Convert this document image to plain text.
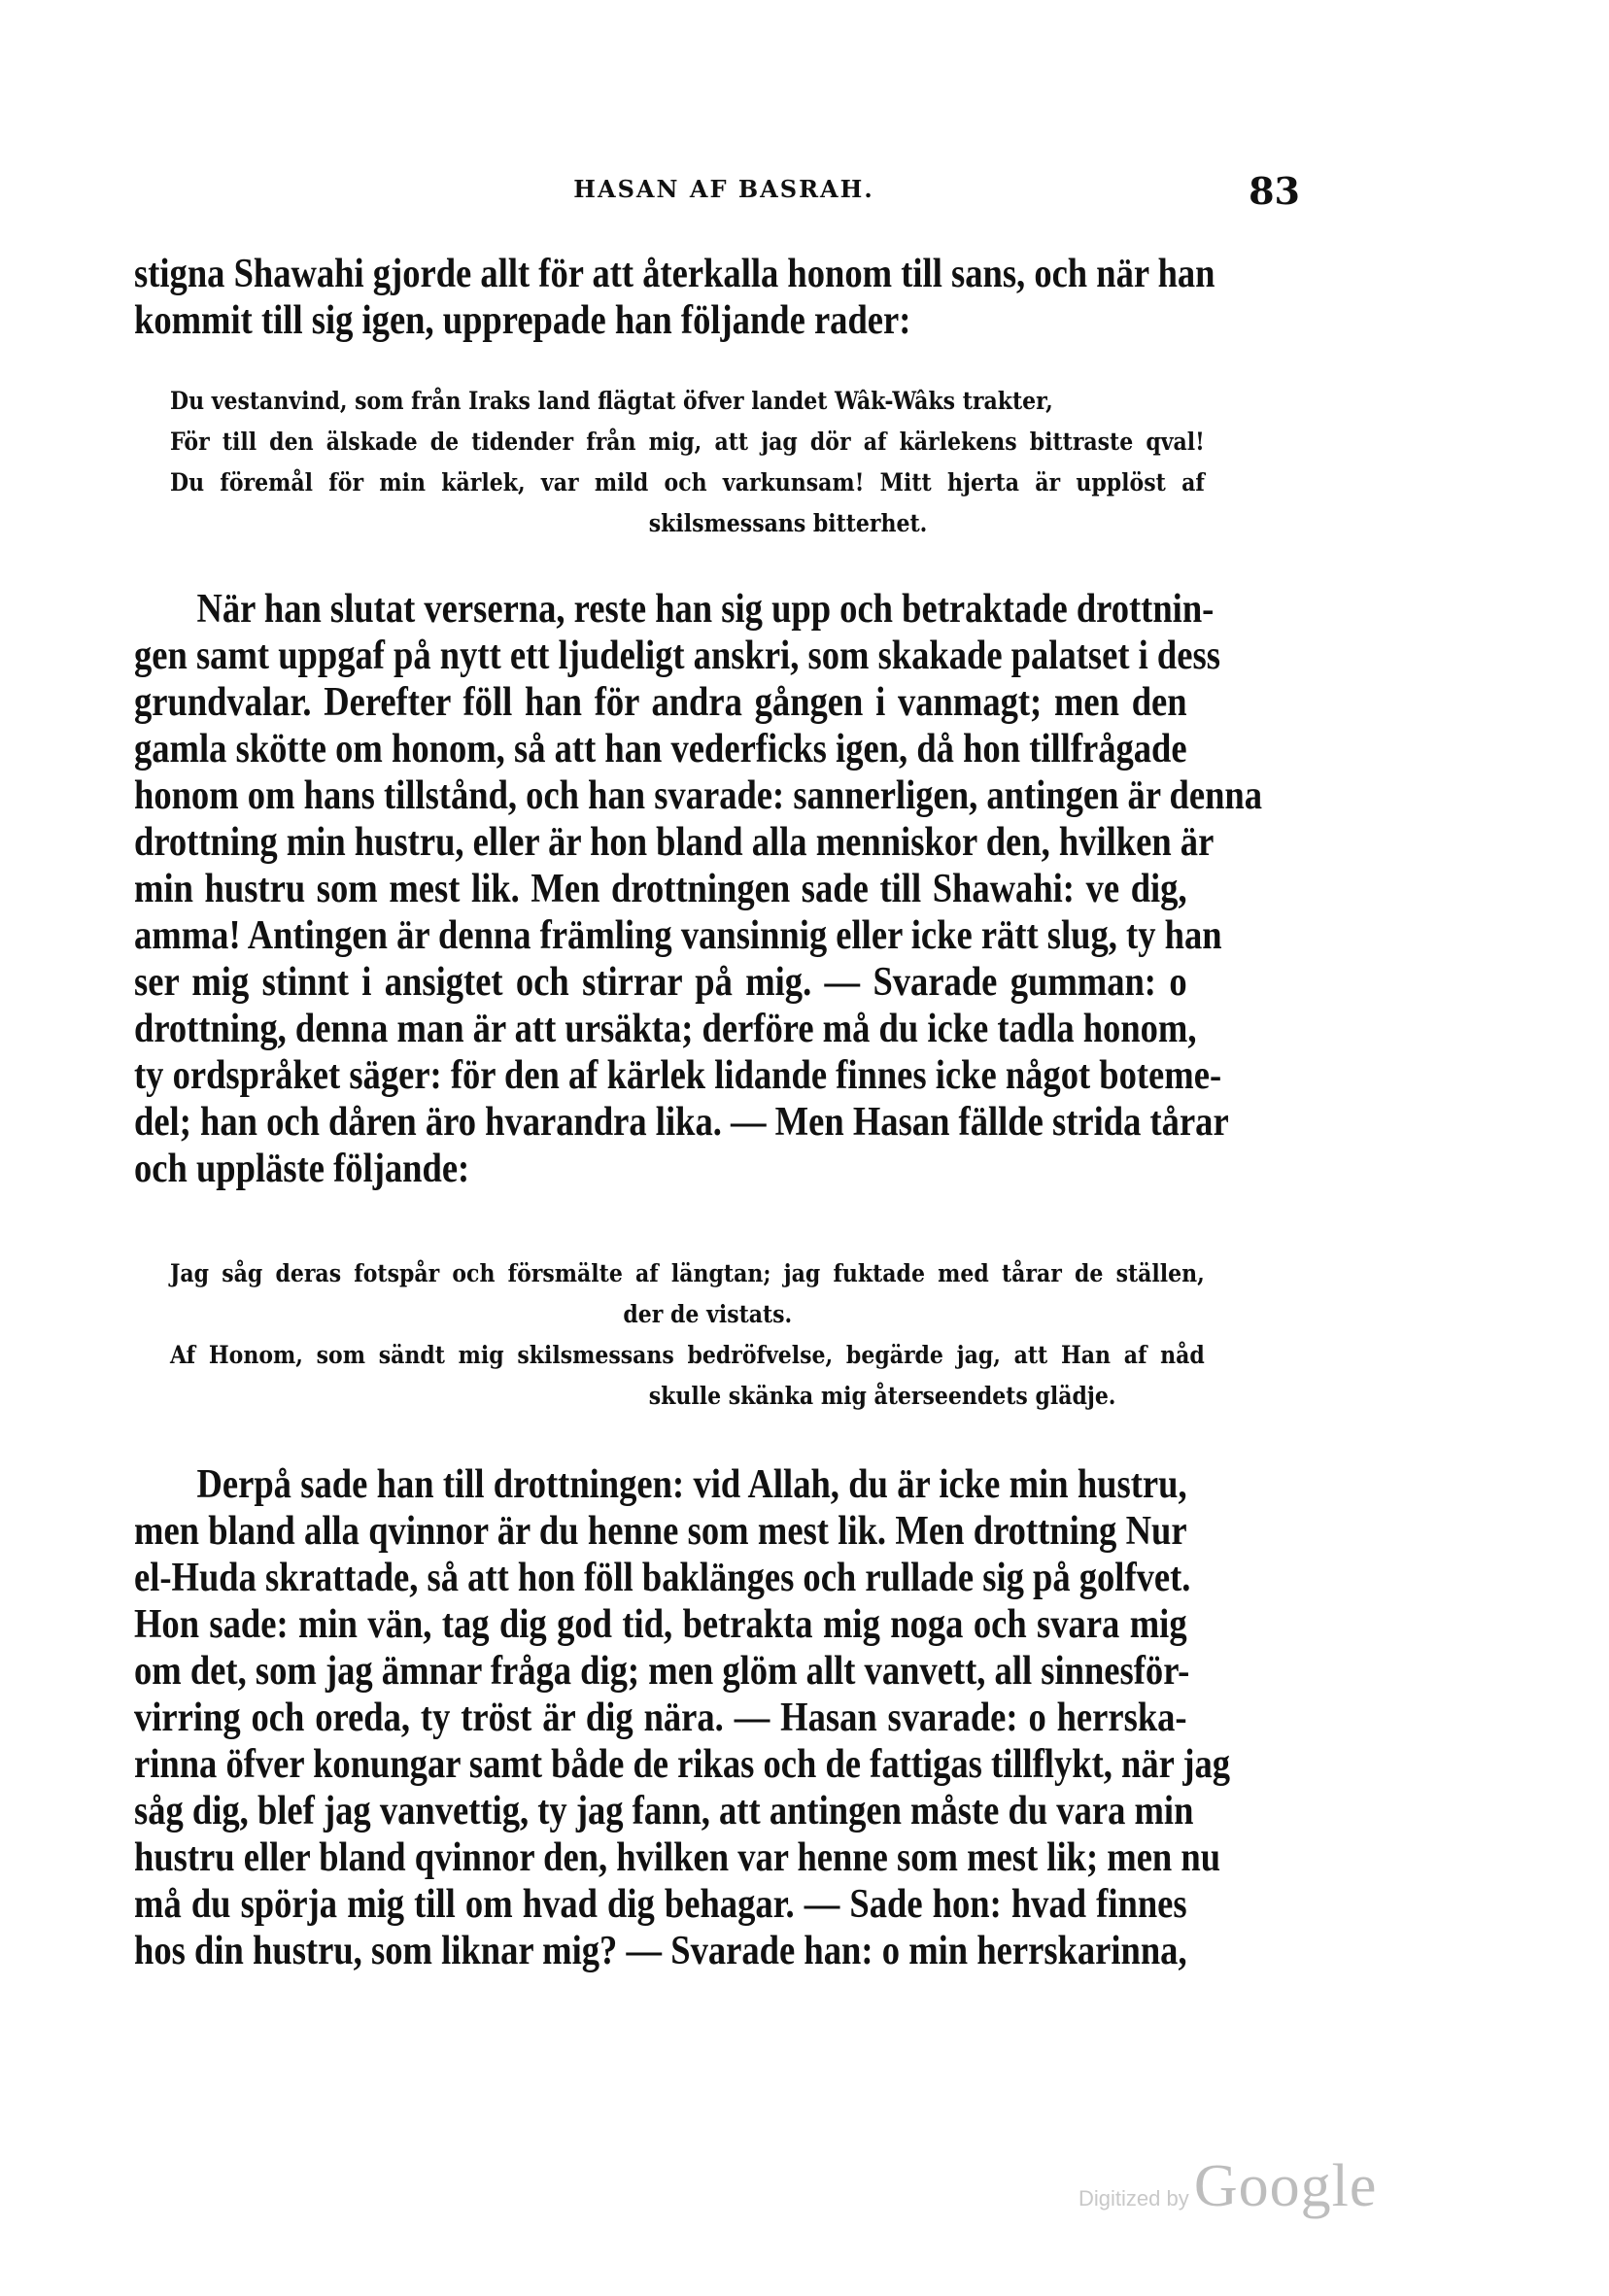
HASAN AF BASRAH.	83

stigna Shawahi gjorde allt för att återkalla honom till sans, och när han
kommit till sig igen, upprepade han följande rader:

Du vestanvind, som från Iraks land flägtat öfver landet Wâk-Wâks trakter,
För till den älskade de tidender från mig, att jag dör af kärlekens bittraste qval!
Du föremål för min kärlek, var mild och varkunsam! Mitt hjerta är upplöst af
skilsmessans bitterhet.

När han slutat verserna, reste han sig upp och betraktade drottnin-
gen samt uppgaf på nytt ett ljudeligt anskri, som skakade palatset i dess
grundvalar. Derefter föll han för andra gången i vanmagt; men den
gamla skötte om honom, så att han vederficks igen, då hon tillfrågade
honom om hans tillstånd, och han svarade: sannerligen, antingen är denna
drottning min hustru, eller är hon bland alla menniskor den, hvilken är
min hustru som mest lik. Men drottningen sade till Shawahi: ve dig,
amma! Antingen är denna främling vansinnig eller icke rätt slug, ty han
ser mig stinnt i ansigtet och stirrar på mig. — Svarade gumman: o
drottning, denna man är att ursäkta; derföre må du icke tadla honom,
ty ordspråket säger: för den af kärlek lidande finnes icke något boteme-
del; han och dåren äro hvarandra lika. — Men Hasan fällde strida tårar
och uppläste följande:

Jag såg deras fotspår och försmälte af längtan; jag fuktade med tårar de ställen,
der de vistats.
Af Honom, som sändt mig skilsmessans bedröfvelse, begärde jag, att Han af nåd
skulle skänka mig återseendets glädje.

Derpå sade han till drottningen: vid Allah, du är icke min hustru,
men bland alla qvinnor är du henne som mest lik. Men drottning Nur
el-Huda skrattade, så att hon föll baklänges och rullade sig på golfvet.
Hon sade: min vän, tag dig god tid, betrakta mig noga och svara mig
om det, som jag ämnar fråga dig; men glöm allt vanvett, all sinnesför-
virring och oreda, ty tröst är dig nära. — Hasan svarade: o herrska-
rinna öfver konungar samt både de rikas och de fattigas tillflykt, när jag
såg dig, blef jag vanvettig, ty jag fann, att antingen måste du vara min
hustru eller bland qvinnor den, hvilken var henne som mest lik; men nu
må du spörja mig till om hvad dig behagar. — Sade hon: hvad finnes
hos din hustru, som liknar mig? — Svarade han: o min herrskarinna,

Digitized by Google
